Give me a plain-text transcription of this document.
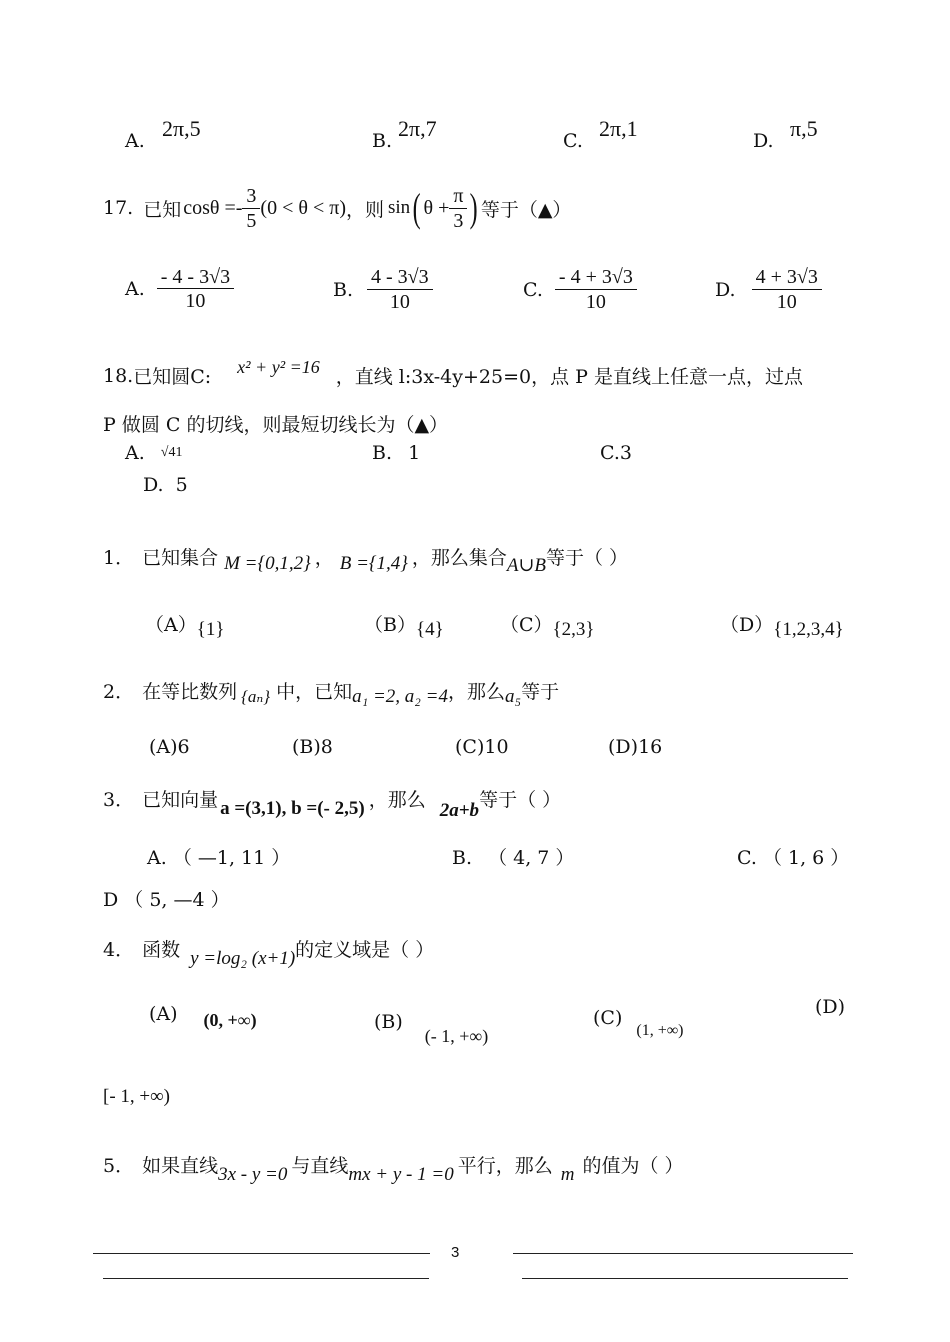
A. 2π,5	B. 2π,7	C. 2π,1	D. π,5
17. 已知 $\cos\theta =- \frac{3}{5} (0 < \theta < \pi)$ ，则 sin ( $\theta + \frac{\pi}{3}$ ) 等于（▲）
A. $\frac{- 4 - 3√3}{10}$	B. $\frac{4 - 3√3}{10}$	C. $\frac{- 4 + 3√3}{10}$	D. $\frac{4 + 3√3}{10}$
18. 已知圆C: x² + y² =16 ，直线 l:3x-4y+25=0，点 P 是直线上任意一点，过点
P 做圆 C 的切线，则最短切线长为（▲）
A. √41	B. 1	C.3
D. 5
1． 已知集合 M ={0,1,2} ， B ={1,4} ，那么集合 A∪B 等于（ ）
（A） {1}	（B） {4}	（C） {2,3}	（D） {1,2,3,4}
2． 在等比数列 {aₙ} 中，已知 a₁ =2, a₂ =4 ，那么 a₅ 等于
(A)6	(B)8	(C)10	(D)16
3． 已知向量 a =(3,1), b =(- 2,5) ，那么 2a+b 等于（ ）
A. （ —1, 11 ）	B. （ 4, 7 ）	C. （ 1, 6 ）
D （ 5, —4 ）
4． 函数 y =log₂ (x+1) 的定义域是（ ）
(A) (0, +∞)	(B)
(- 1, +∞)
(C)
(1, +∞)
(D)
[- 1, +∞)
5． 如果直线 3x - y =0 与直线 mx + y - 1 =0 平行，那么 m 的值为（ ）
3
